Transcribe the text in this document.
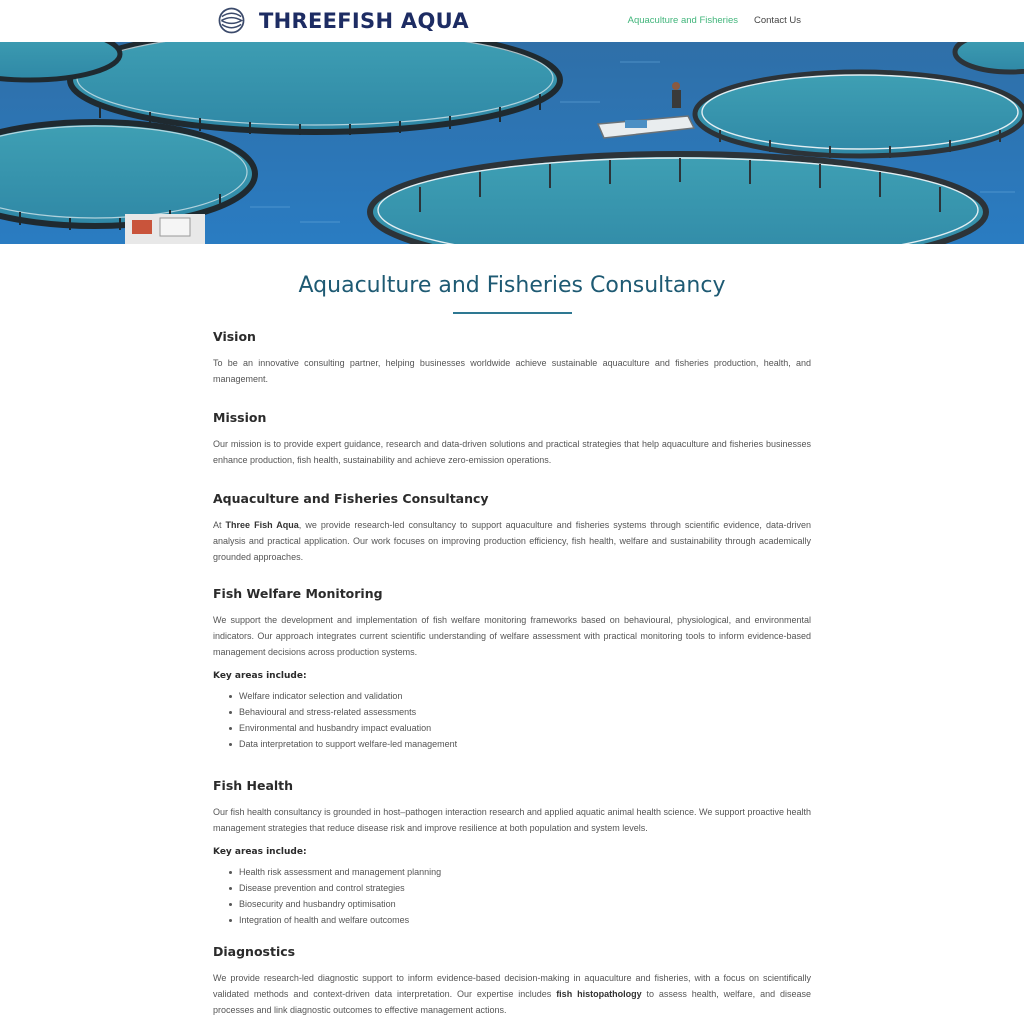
THREEFISH AQUA	Aquaculture and Fisheries Contact Us
Aquaculture and Fisheries Consultancy
Vision

To be an innovative consulting partner, helping businesses worldwide achieve sustainable aquaculture and fisheries production, health, and management.

Mission

Our mission is to provide expert guidance, research and data-driven solutions and practical strategies that help aquaculture and fisheries businesses enhance production, fish health, sustainability and achieve zero-emission operations.

Aquaculture and Fisheries Consultancy

At Three Fish Aqua, we provide research-led consultancy to support aquaculture and fisheries systems through scientific evidence, data-driven analysis and practical application. Our work focuses on improving production efficiency, fish health, welfare and sustainability through academically grounded approaches.

Fish Welfare Monitoring

We support the development and implementation of fish welfare monitoring frameworks based on behavioural, physiological, and environmental indicators. Our approach integrates current scientific understanding of welfare assessment with practical monitoring tools to inform evidence-based management decisions across production systems.

Key areas include:
Welfare indicator selection and validation
Behavioural and stress-related assessments
Environmental and husbandry impact evaluation
Data interpretation to support welfare-led management
Fish Health

Our fish health consultancy is grounded in host–pathogen interaction research and applied aquatic animal health science. We support proactive health management strategies that reduce disease risk and improve resilience at both population and system levels.

Key areas include:
Health risk assessment and management planning
Disease prevention and control strategies
Biosecurity and husbandry optimisation
Integration of health and welfare outcomes
Diagnostics

We provide research-led diagnostic support to inform evidence-based decision-making in aquaculture and fisheries, with a focus on scientifically validated methods and context-driven data interpretation. Our expertise includes fish histopathology to assess health, welfare, and disease processes and link diagnostic outcomes to effective management actions.
